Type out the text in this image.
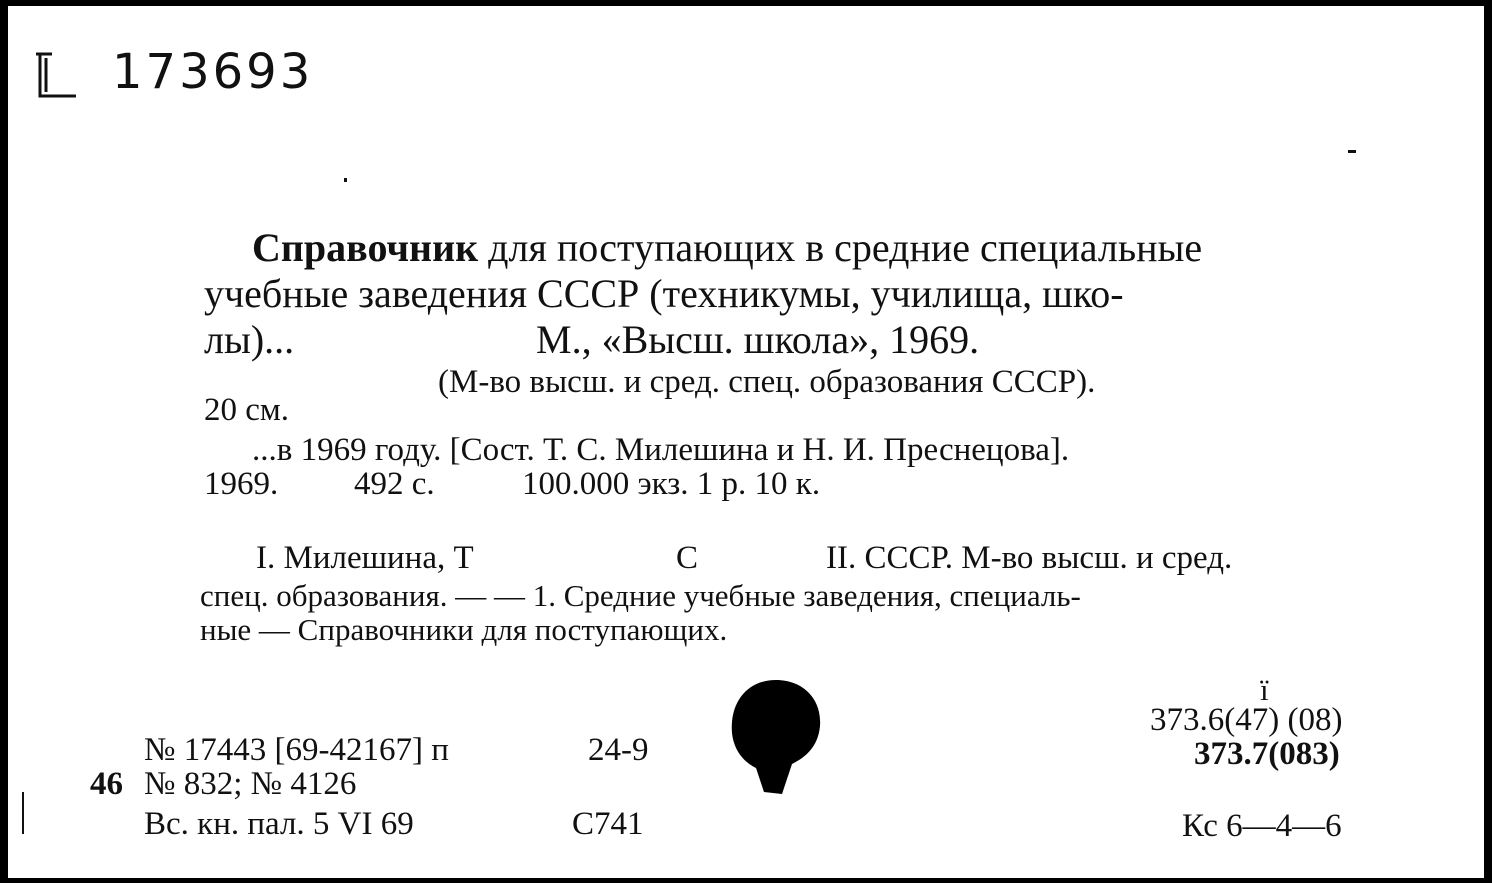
173693
Справочник для поступающих в средние специальные
учебные заведения СССР (техникумы, училища, шко-
лы)...	М., «Высш. школа», 1969.
(М-во высш. и сред. спец. образования СССР).
20 см.
...в 1969 году. [Сост. Т. С. Милешина и Н. И. Преснецова].
1969. 492 с.	100.000 экз. 1 р. 10 к.
I. Милешина, Т	С	II. СССР. М-во высш. и сред.
спец. образования. — — 1. Средние учебные заведения, специаль-
ные — Справочники для поступающих.
№ 17443 [69-42167] п	24-9
46 № 832; № 4126
Вс. кн. пал. 5 VI 69	С741
ї
373.6(47) (08)
373.7(083)
Кс 6—4—6
